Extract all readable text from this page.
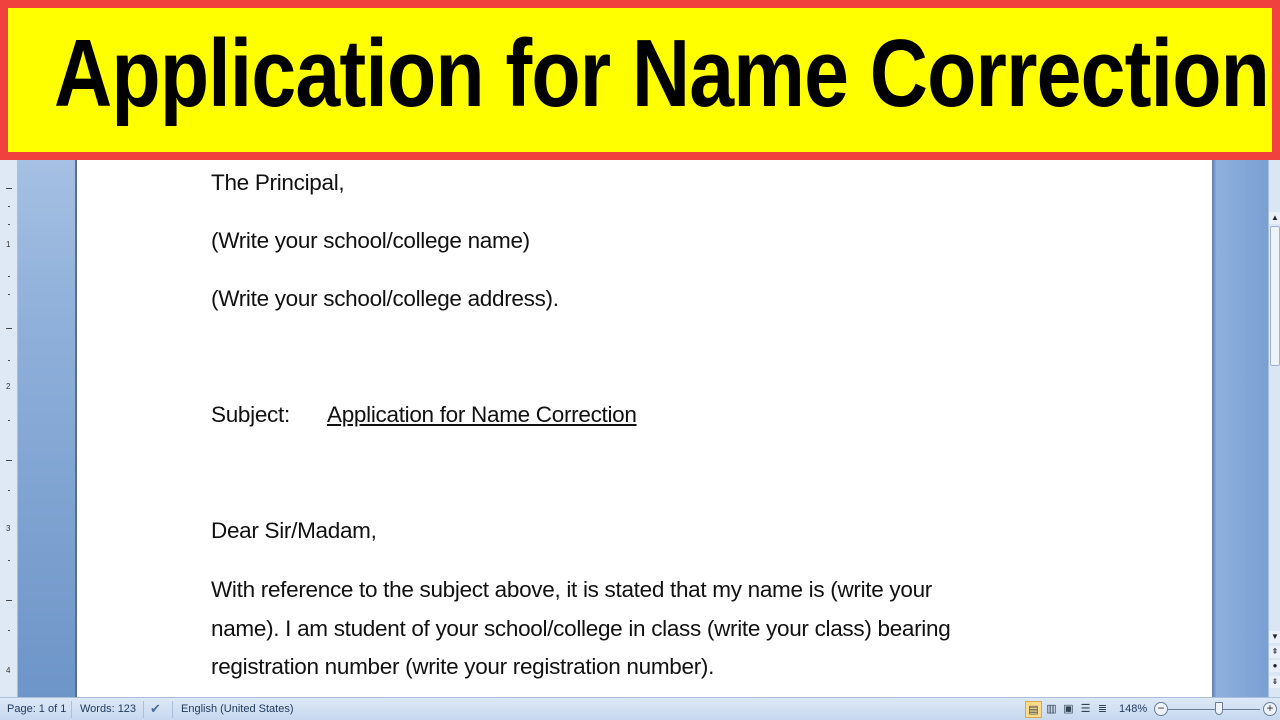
Application for Name Correction
1
2
3
4
The Principal,
(Write your school/college name)
(Write your school/college address).
Subject: Application for Name Correction
Dear Sir/Madam,
With reference to the subject above, it is stated that my name is (write your
name). I am student of your school/college in class (write your class) bearing
registration number (write your registration number).
▲
▼
⇞
●
⇟
Page: 1 of 1 Words: 123 ✔ English (United States)	▤ ▥ ▣ ☰ ≣	148% −	+
